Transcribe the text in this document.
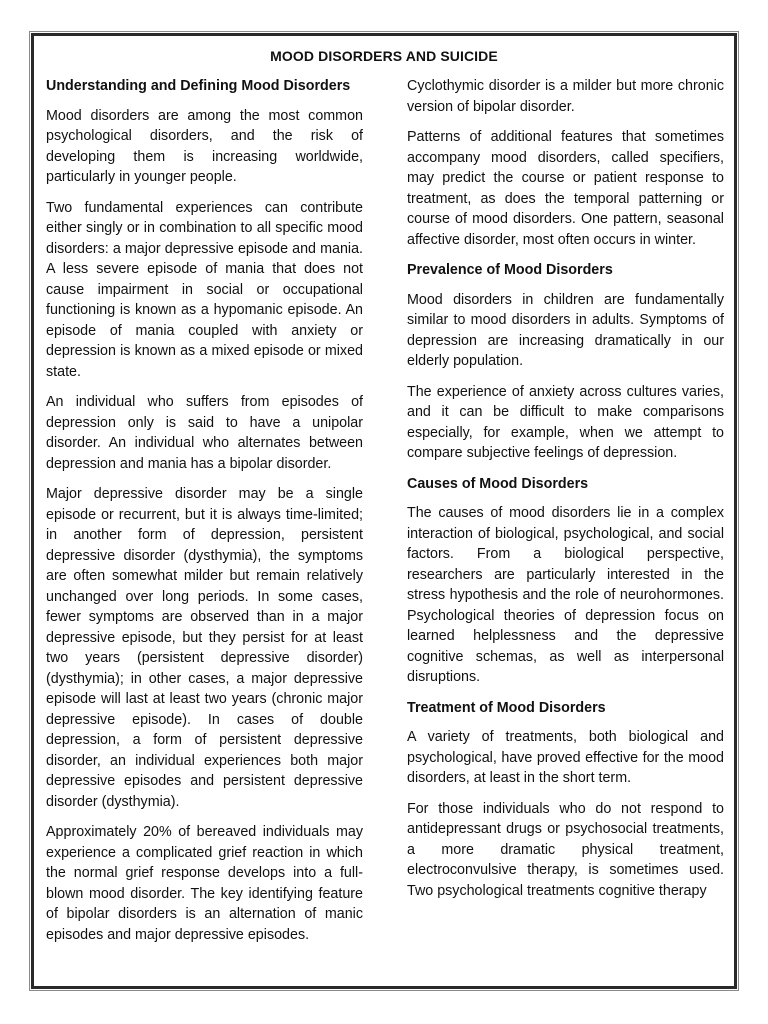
MOOD DISORDERS AND SUICIDE
Understanding and Defining Mood Disorders

Mood disorders are among the most common psychological disorders, and the risk of developing them is increasing worldwide, particularly in younger people.

Two fundamental experiences can contribute either singly or in combination to all specific mood disorders: a major depressive episode and mania. A less severe episode of mania that does not cause impairment in social or occupational functioning is known as a hypomanic episode. An episode of mania coupled with anxiety or depression is known as a mixed episode or mixed state.

An individual who suffers from episodes of depression only is said to have a unipolar disorder. An individual who alternates between depression and mania has a bipolar disorder.

Major depressive disorder may be a single episode or recurrent, but it is always time-limited; in another form of depression, persistent depressive disorder (dysthymia), the symptoms are often somewhat milder but remain relatively unchanged over long periods. In some cases, fewer symptoms are observed than in a major depressive episode, but they persist for at least two years (persistent depressive disorder) (dysthymia); in other cases, a major depressive episode will last at least two years (chronic major depressive episode). In cases of double depression, a form of persistent depressive disorder, an individual experiences both major depressive episodes and persistent depressive disorder (dysthymia).

Approximately 20% of bereaved individuals may experience a complicated grief reaction in which the normal grief response develops into a full-blown mood disorder. The key identifying feature of bipolar disorders is an alternation of manic episodes and major depressive episodes.

Cyclothymic disorder is a milder but more chronic version of bipolar disorder.

Patterns of additional features that sometimes accompany mood disorders, called specifiers, may predict the course or patient response to treatment, as does the temporal patterning or course of mood disorders. One pattern, seasonal affective disorder, most often occurs in winter.

Prevalence of Mood Disorders

Mood disorders in children are fundamentally similar to mood disorders in adults. Symptoms of depression are increasing dramatically in our elderly population.

The experience of anxiety across cultures varies, and it can be difficult to make comparisons especially, for example, when we attempt to compare subjective feelings of depression.

Causes of Mood Disorders

The causes of mood disorders lie in a complex interaction of biological, psychological, and social factors. From a biological perspective, researchers are particularly interested in the stress hypothesis and the role of neurohormones. Psychological theories of depression focus on learned helplessness and the depressive cognitive schemas, as well as interpersonal disruptions.

Treatment of Mood Disorders

A variety of treatments, both biological and psychological, have proved effective for the mood disorders, at least in the short term.

For those individuals who do not respond to antidepressant drugs or psychosocial treatments, a more dramatic physical treatment, electroconvulsive therapy, is sometimes used. Two psychological treatments cognitive therapy
